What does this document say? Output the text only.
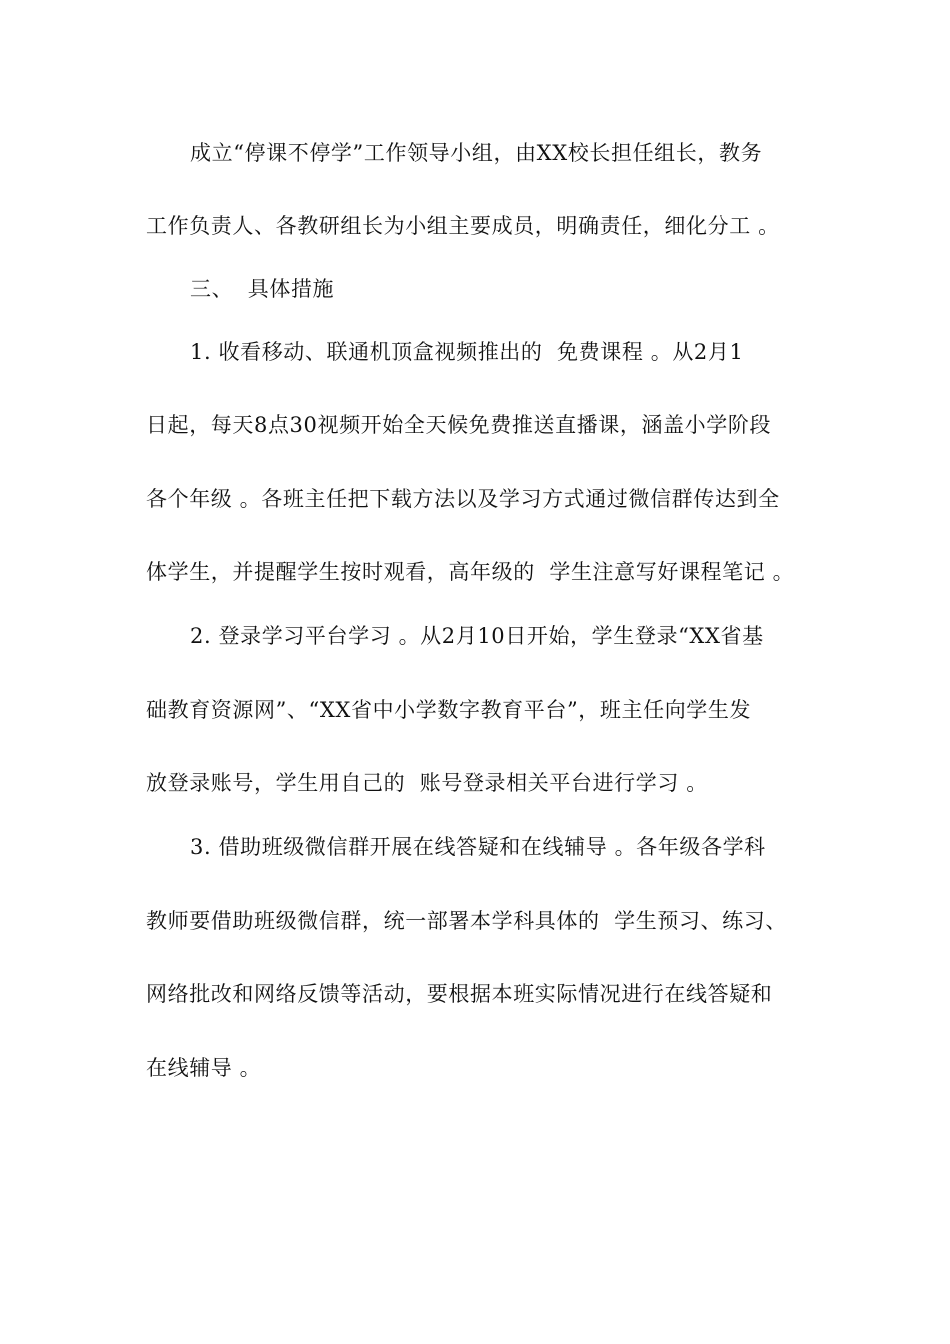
成立“停课不停学”工作领导小组，由XX校长担任组长，教务
工作负责人、各教研组长为小组主要成员，明确责任，细化分工 。
三、  具体措施
1. 收看移动、联通机顶盒视频推出的  免费课程 。从2月1
日起，每天8点30视频开始全天候免费推送直播课，涵盖小学阶段
各个年级 。各班主任把下载方法以及学习方式通过微信群传达到全
体学生，并提醒学生按时观看，高年级的  学生注意写好课程笔记 。
2. 登录学习平台学习 。从2月10日开始，学生登录“XX省基
础教育资源网”、“XX省中小学数字教育平台”，班主任向学生发
放登录账号，学生用自己的  账号登录相关平台进行学习 。
3. 借助班级微信群开展在线答疑和在线辅导 。各年级各学科
教师要借助班级微信群，统一部署本学科具体的  学生预习、练习、
网络批改和网络反馈等活动，要根据本班实际情况进行在线答疑和
在线辅导 。
